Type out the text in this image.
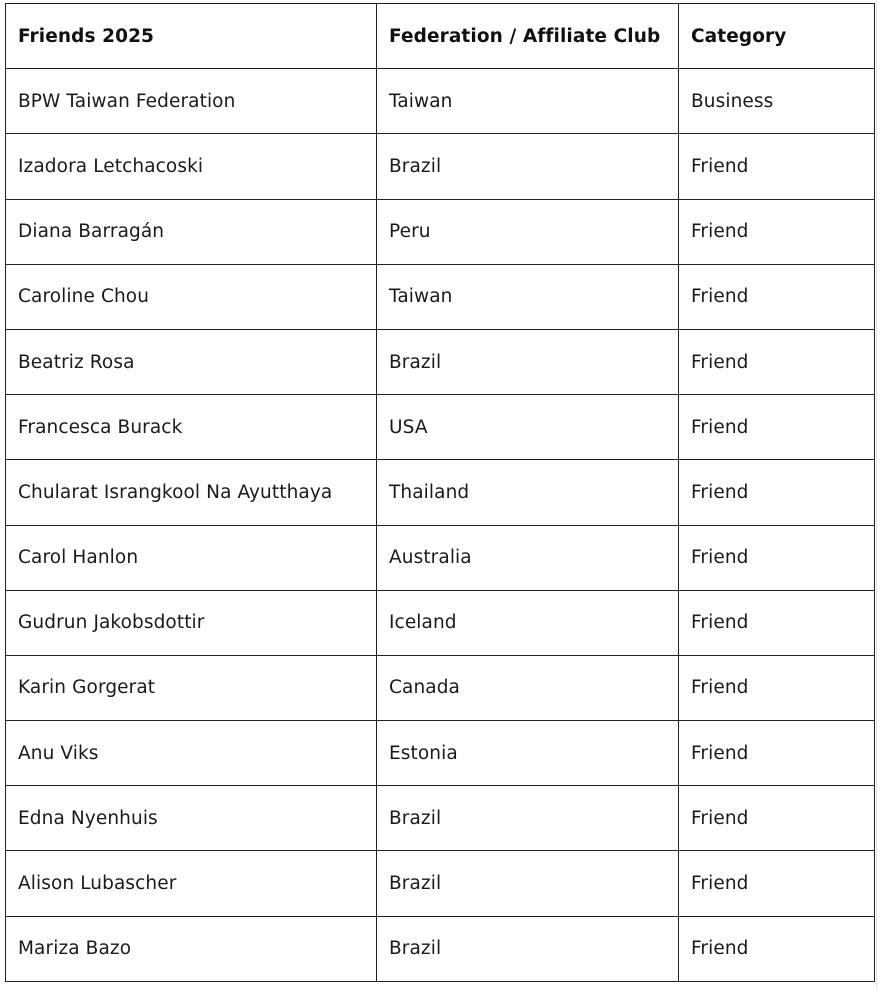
Friends 2025	Federation / Affiliate Club	Category
BPW Taiwan Federation	Taiwan	Business
Izadora Letchacoski	Brazil	Friend
Diana Barragán	Peru	Friend
Caroline Chou	Taiwan	Friend
Beatriz Rosa	Brazil	Friend
Francesca Burack	USA	Friend
Chularat Israngkool Na Ayutthaya	Thailand	Friend
Carol Hanlon	Australia	Friend
Gudrun Jakobsdottir	Iceland	Friend
Karin Gorgerat	Canada	Friend
Anu Viks	Estonia	Friend
Edna Nyenhuis	Brazil	Friend
Alison Lubascher	Brazil	Friend
Mariza Bazo	Brazil	Friend
